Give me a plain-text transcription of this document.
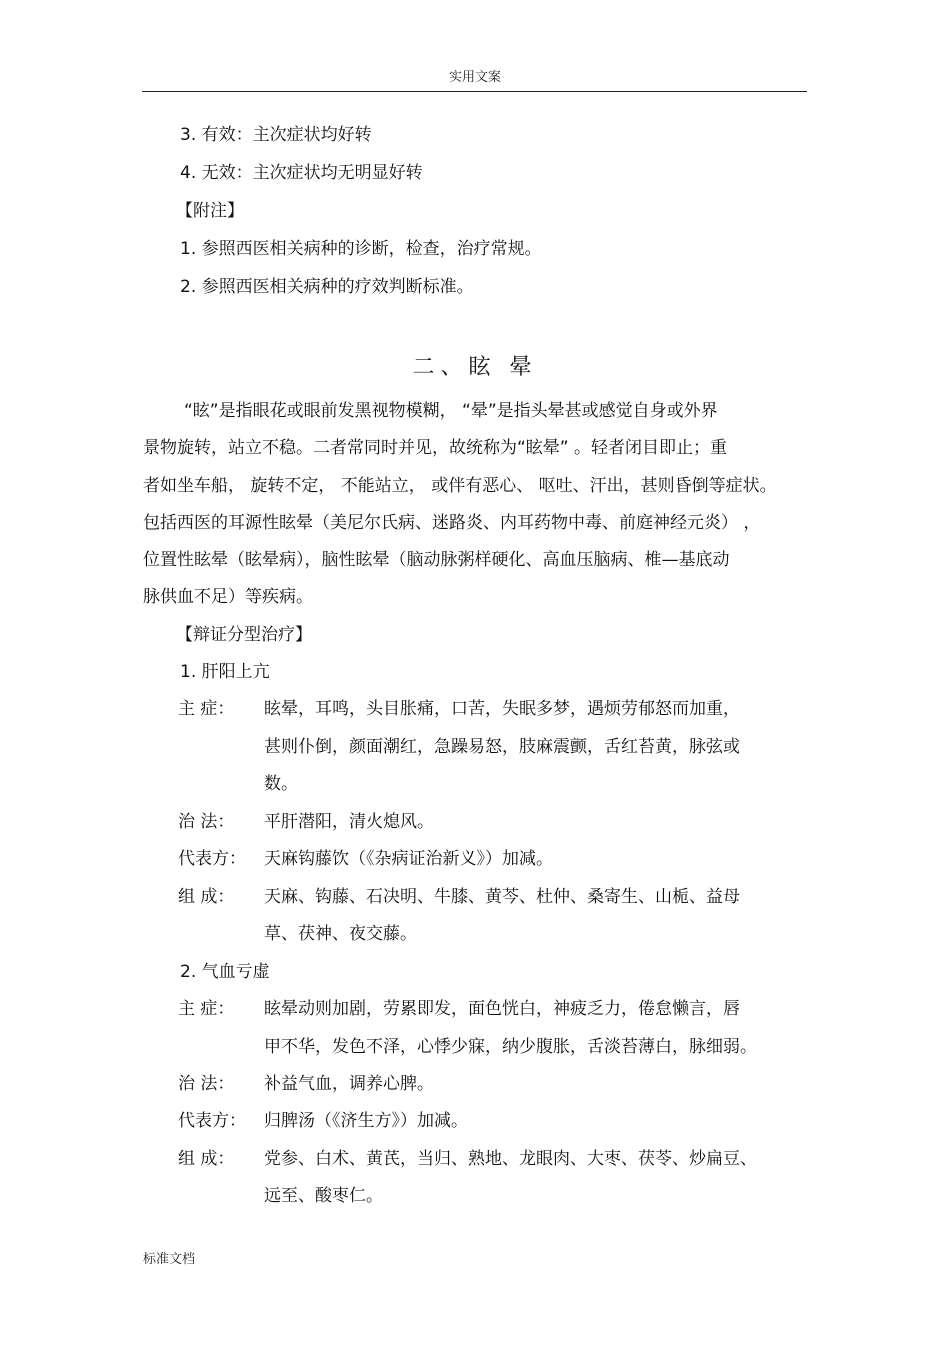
实用文案
3. 有效：主次症状均好转
4. 无效：主次症状均无明显好转
【附注】
1. 参照西医相关病种的诊断，检查，治疗常规。
2. 参照西医相关病种的疗效判断标准。
二、眩 晕
“眩”是指眼花或眼前发黑视物模糊， “晕”是指头晕甚或感觉自身或外界
景物旋转，站立不稳。二者常同时并见，故统称为“眩晕” 。轻者闭目即止；重
者如坐车船， 旋转不定， 不能站立， 或伴有恶心、 呕吐、汗出，甚则昏倒等症状。
包括西医的耳源性眩晕（美尼尔氏病、迷路炎、内耳药物中毒、前庭神经元炎） ，
位置性眩晕（眩晕病），脑性眩晕（脑动脉粥样硬化、高血压脑病、椎—基底动
脉供血不足）等疾病。
【辩证分型治疗】
1. 肝阳上亢
主 症： 眩晕，耳鸣，头目胀痛，口苦，失眠多梦，遇烦劳郁怒而加重，
甚则仆倒，颜面潮红，急躁易怒，肢麻震颤，舌红苔黄，脉弦或
数。
治 法： 平肝潜阳，清火熄风。
代表方： 天麻钩藤饮（《杂病证治新义》）加减。
组 成： 天麻、钩藤、石决明、牛膝、黄芩、杜仲、桑寄生、山栀、益母
草、茯神、夜交藤。
2. 气血亏虚
主 症： 眩晕动则加剧，劳累即发，面色恍白，神疲乏力，倦怠懒言，唇
甲不华，发色不泽，心悸少寐，纳少腹胀，舌淡苔薄白，脉细弱。
治 法： 补益气血，调养心脾。
代表方： 归脾汤（《济生方》）加减。
组 成： 党参、白术、黄芪，当归、熟地、龙眼肉、大枣、茯苓、炒扁豆、
远至、酸枣仁。
标准文档
